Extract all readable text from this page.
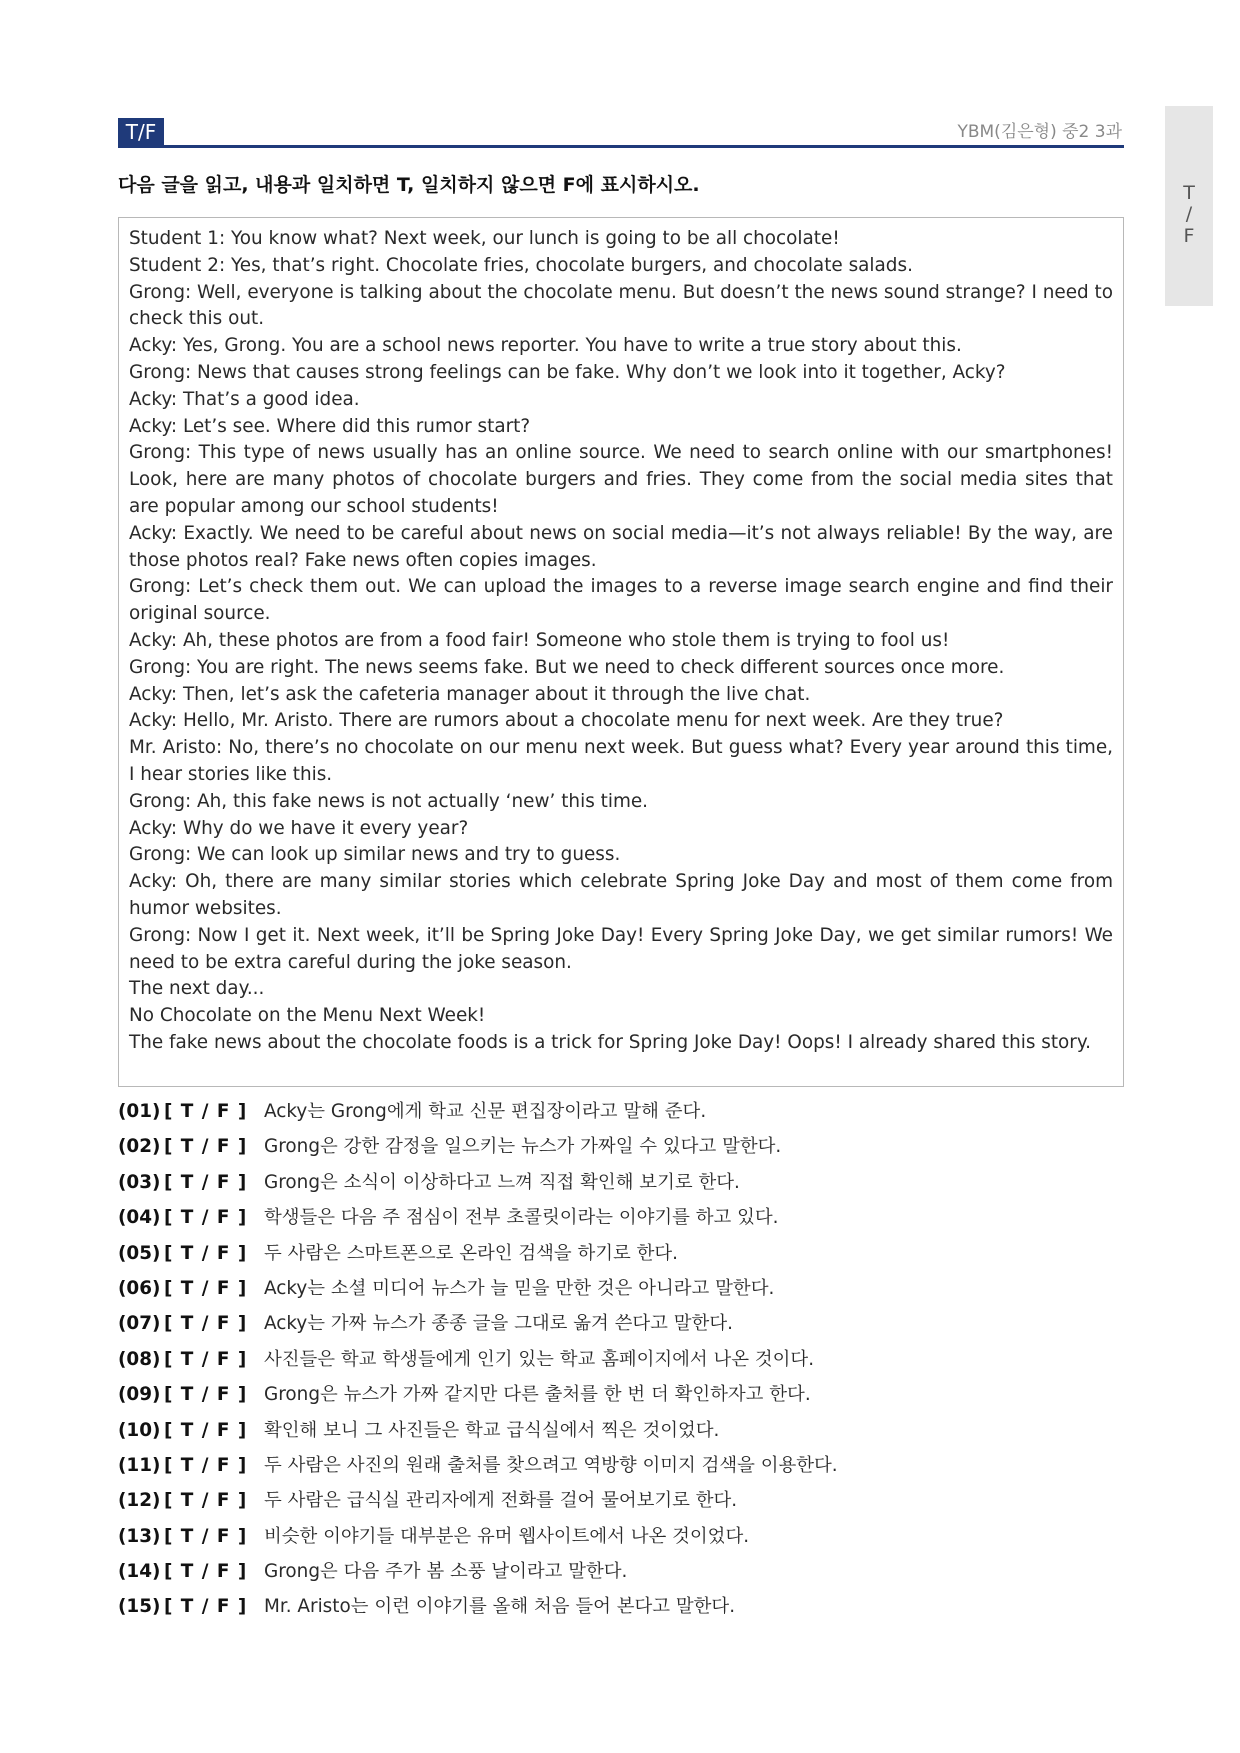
T/F	YBM(김은형) 중2 3과
T
/
F
다음 글을 읽고, 내용과 일치하면 T, 일치하지 않으면 F에 표시하시오.

Student 1: You know what? Next week, our lunch is going to be all chocolate!

Student 2: Yes, that’s right. Chocolate fries, chocolate burgers, and chocolate salads.

Grong: Well, everyone is talking about the chocolate menu. But doesn’t the news sound strange? I need to check this out.

Acky: Yes, Grong. You are a school news reporter. You have to write a true story about this.

Grong: News that causes strong feelings can be fake. Why don’t we look into it together, Acky?

Acky: That’s a good idea.

Acky: Let’s see. Where did this rumor start?

Grong: This type of news usually has an online source. We need to search online with our smartphones! Look, here are many photos of chocolate burgers and fries. They come from the social media sites that are popular among our school students!

Acky: Exactly. We need to be careful about news on social media—it’s not always reliable! By the way, are those photos real? Fake news often copies images.

Grong: Let’s check them out. We can upload the images to a reverse image search engine and find their original source.

Acky: Ah, these photos are from a food fair! Someone who stole them is trying to fool us!

Grong: You are right. The news seems fake. But we need to check different sources once more.

Acky: Then, let’s ask the cafeteria manager about it through the live chat.

Acky: Hello, Mr. Aristo. There are rumors about a chocolate menu for next week. Are they true?

Mr. Aristo: No, there’s no chocolate on our menu next week. But guess what? Every year around this time, I hear stories like this.

Grong: Ah, this fake news is not actually ‘new’ this time.

Acky: Why do we have it every year?

Grong: We can look up similar news and try to guess.

Acky: Oh, there are many similar stories which celebrate Spring Joke Day and most of them come from humor websites.

Grong: Now I get it. Next week, it’ll be Spring Joke Day! Every Spring Joke Day, we get similar rumors! We need to be extra careful during the joke season.

The next day...

No Chocolate on the Menu Next Week!

The fake news about the chocolate foods is a trick for Spring Joke Day! Oops! I already shared this story.

(01) [ T / F ] Acky는 Grong에게 학교 신문 편집장이라고 말해 준다.
(02) [ T / F ] Grong은 강한 감정을 일으키는 뉴스가 가짜일 수 있다고 말한다.
(03) [ T / F ] Grong은 소식이 이상하다고 느껴 직접 확인해 보기로 한다.
(04) [ T / F ] 학생들은 다음 주 점심이 전부 초콜릿이라는 이야기를 하고 있다.
(05) [ T / F ] 두 사람은 스마트폰으로 온라인 검색을 하기로 한다.
(06) [ T / F ] Acky는 소셜 미디어 뉴스가 늘 믿을 만한 것은 아니라고 말한다.
(07) [ T / F ] Acky는 가짜 뉴스가 종종 글을 그대로 옮겨 쓴다고 말한다.
(08) [ T / F ] 사진들은 학교 학생들에게 인기 있는 학교 홈페이지에서 나온 것이다.
(09) [ T / F ] Grong은 뉴스가 가짜 같지만 다른 출처를 한 번 더 확인하자고 한다.
(10) [ T / F ] 확인해 보니 그 사진들은 학교 급식실에서 찍은 것이었다.
(11) [ T / F ] 두 사람은 사진의 원래 출처를 찾으려고 역방향 이미지 검색을 이용한다.
(12) [ T / F ] 두 사람은 급식실 관리자에게 전화를 걸어 물어보기로 한다.
(13) [ T / F ] 비슷한 이야기들 대부분은 유머 웹사이트에서 나온 것이었다.
(14) [ T / F ] Grong은 다음 주가 봄 소풍 날이라고 말한다.
(15) [ T / F ] Mr. Aristo는 이런 이야기를 올해 처음 들어 본다고 말한다.
